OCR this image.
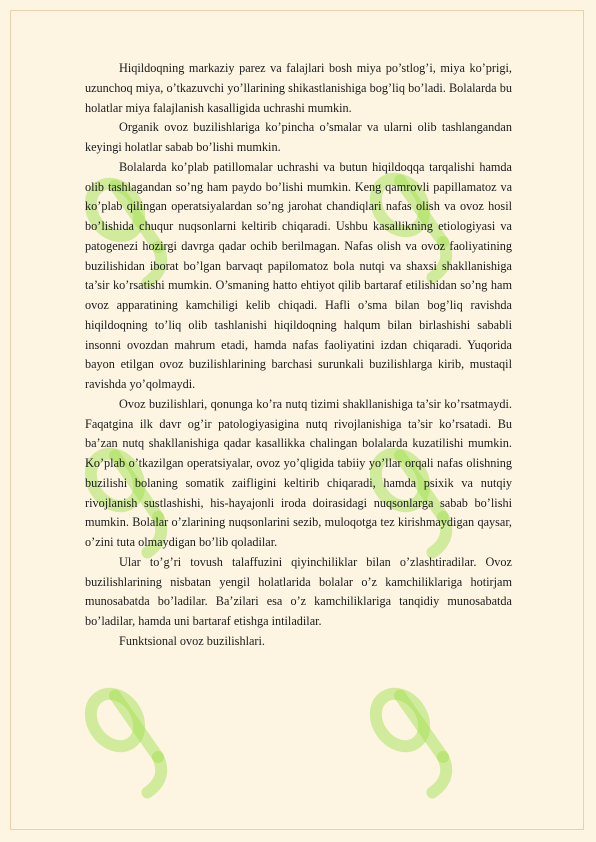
Hiqildoqning markaziy parez va falajlari bosh miya po’stlog’i, miya ko’prigi, uzunchoq miya, o’tkazuvchi yo’llarining shikastlanishiga bog’liq bo’ladi. Bolalarda bu holatlar miya falajlanish kasalligida uchrashi mumkin.

Organik ovoz buzilishlariga ko’pincha o’smalar va ularni olib tashlangandan keyingi holatlar sabab bo’lishi mumkin.

Bolalarda ko’plab patillomalar uchrashi va butun hiqildoqqa tarqalishi hamda olib tashlagandan so’ng ham paydo bo’lishi mumkin. Keng qamrovli papillamatoz va ko’plab qilingan operatsiyalardan so’ng jarohat chandiqlari nafas olish va ovoz hosil bo’lishida chuqur nuqsonlarni keltirib chiqaradi. Ushbu kasallikning etiologiyasi va patogenezi hozirgi davrga qadar ochib berilmagan. Nafas olish va ovoz faoliyatining buzilishidan iborat bo’lgan barvaqt papilomatoz bola nutqi va shaxsi shakllanishiga ta’sir ko’rsatishi mumkin. O’smaning hatto ehtiyot qilib bartaraf etilishidan so’ng ham ovoz apparatining kamchiligi kelib chiqadi. Hafli o’sma bilan bog’liq ravishda hiqildoqning to’liq olib tashlanishi hiqildoqning halqum bilan birlashishi sababli insonni ovozdan mahrum etadi, hamda nafas faoliyatini izdan chiqaradi. Yuqorida bayon etilgan ovoz buzilishlarining barchasi surunkali buzilishlarga kirib, mustaqil ravishda yo’qolmaydi.

Ovoz buzilishlari, qonunga ko’ra nutq tizimi shakllanishiga ta’sir ko’rsatmaydi. Faqatgina ilk davr og’ir patologiyasigina nutq rivojlanishiga ta’sir ko’rsatadi. Bu ba’zan nutq shakllanishiga qadar kasallikka chalingan bolalarda kuzatilishi mumkin. Ko’plab o’tkazilgan operatsiyalar, ovoz yo’qligida tabiiy yo’llar orqali nafas olishning buzilishi bolaning somatik zaifligini keltirib chiqaradi, hamda psixik va nutqiy rivojlanish sustlashishi, his-hayajonli iroda doirasidagi nuqsonlarga sabab bo’lishi mumkin. Bolalar o’zlarining nuqsonlarini sezib, muloqotga tez kirishmaydigan qaysar, o’zini tuta olmaydigan bo’lib qoladilar.

Ular to’g’ri tovush talaffuzini qiyinchiliklar bilan o’zlashtiradilar. Ovoz buzilishlarining nisbatan yengil holatlarida bolalar o’z kamchiliklariga hotirjam munosabatda bo’ladilar. Ba’zilari esa o’z kamchiliklariga tanqidiy munosabatda bo’ladilar, hamda uni bartaraf etishga intiladilar.

Funktsional ovoz buzilishlari.
